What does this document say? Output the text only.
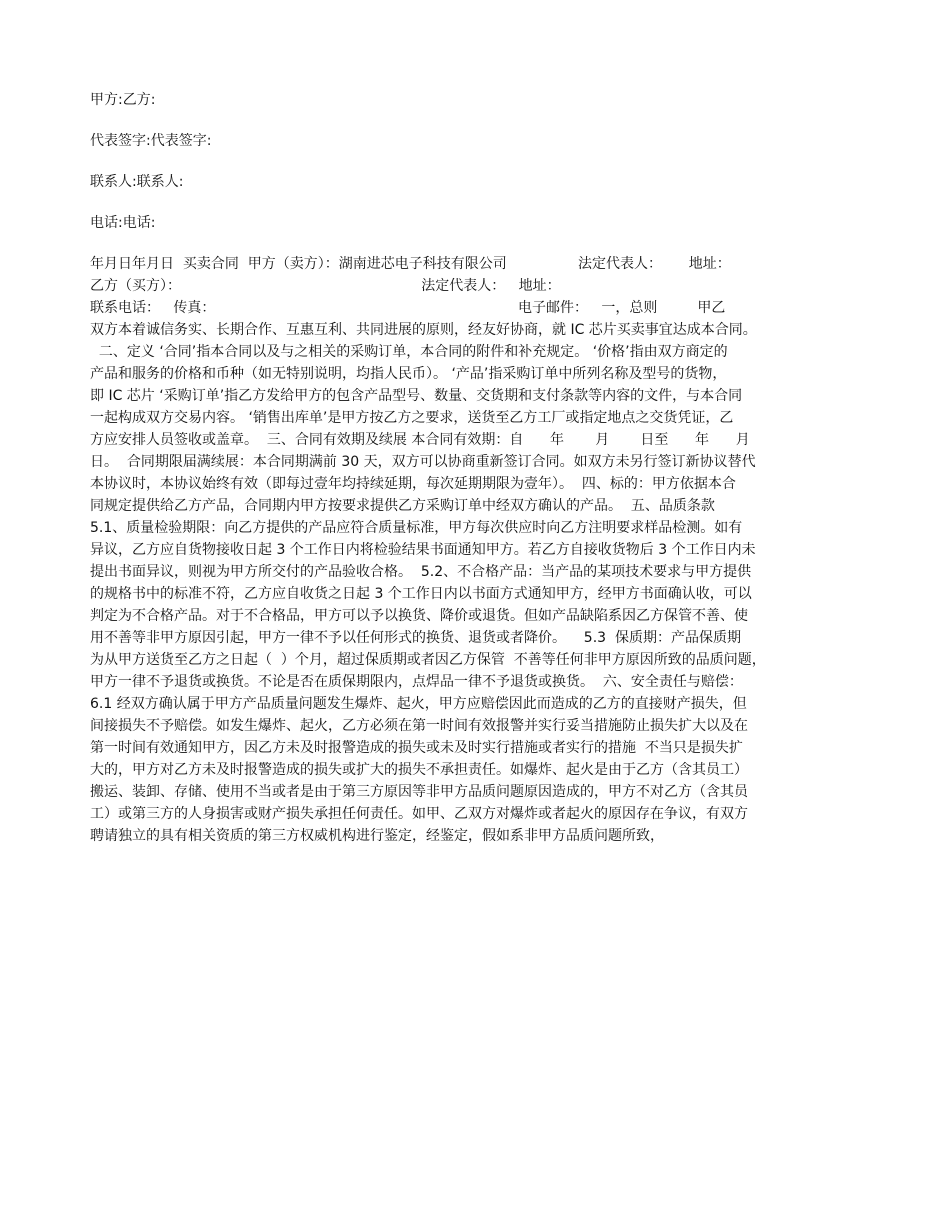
甲方:乙方:
代表签字:代表签字:
联系人:联系人:
电话:电话:
年月日年月日  买卖合同  甲方（卖方）：湖南进芯电子科技有限公司                法定代表人：      地址：
乙方（买方）：                                                      法定代表人：   地址：
联系电话：   传真：                                                                    电子邮件：   一，总则         甲乙
双方本着诚信务实、长期合作、互惠互利、共同进展的原则，经友好协商，就 IC 芯片买卖事宜达成本合同。
二、定义 ‘合同’指本合同以及与之相关的采购订单，本合同的附件和补充规定。 ‘价格’指由双方商定的
产品和服务的价格和币种（如无特别说明，均指人民币）。 ‘产品’指采购订单中所列名称及型号的货物，
即 IC 芯片 ‘采购订单’指乙方发给甲方的包含产品型号、数量、交货期和支付条款等内容的文件，与本合同
一起构成双方交易内容。 ‘销售出库单’是甲方按乙方之要求，送货至乙方工厂或指定地点之交货凭证，乙
方应安排人员签收或盖章。  三、合同有效期及续展 本合同有效期：自      年       月       日至      年      月
日。  合同期限届满续展：本合同期满前 30 天，双方可以协商重新签订合同。如双方未另行签订新协议替代
本协议时，本协议始终有效（即每过壹年均持续延期，每次延期期限为壹年）。  四、标的：甲方依据本合
同规定提供给乙方产品，合同期内甲方按要求提供乙方采购订单中经双方确认的产品。  五、品质条款
5.1、质量检验期限：向乙方提供的产品应符合质量标准，甲方每次供应时向乙方注明要求样品检测。如有
异议，乙方应自货物接收日起 3 个工作日内将检验结果书面通知甲方。若乙方自接收货物后 3 个工作日内未
提出书面异议，则视为甲方所交付的产品验收合格。  5.2、不合格产品：当产品的某项技术要求与甲方提供
的规格书中的标准不符，乙方应自收货之日起 3 个工作日内以书面方式通知甲方，经甲方书面确认收，可以
判定为不合格产品。对于不合格品，甲方可以予以换货、降价或退货。但如产品缺陷系因乙方保管不善、使
用不善等非甲方原因引起，甲方一律不予以任何形式的换货、退货或者降价。    5.3  保质期：产品保质期
为从甲方送货至乙方之日起（  ）个月，超过保质期或者因乙方保管  不善等任何非甲方原因所致的品质问题，
甲方一律不予退货或换货。不论是否在质保期限内，点焊品一律不予退货或换货。  六、安全责任与赔偿：
6.1 经双方确认属于甲方产品质量问题发生爆炸、起火，甲方应赔偿因此而造成的乙方的直接财产损失，但
间接损失不予赔偿。如发生爆炸、起火，乙方必须在第一时间有效报警并实行妥当措施防止损失扩大以及在
第一时间有效通知甲方，因乙方未及时报警造成的损失或未及时实行措施或者实行的措施  不当只是损失扩
大的，甲方对乙方未及时报警造成的损失或扩大的损失不承担责任。如爆炸、起火是由于乙方（含其员工）
搬运、装卸、存储、使用不当或者是由于第三方原因等非甲方品质问题原因造成的，甲方不对乙方（含其员
工）或第三方的人身损害或财产损失承担任何责任。如甲、乙双方对爆炸或者起火的原因存在争议，有双方
聘请独立的具有相关资质的第三方权威机构进行鉴定，经鉴定，假如系非甲方品质问题所致，
